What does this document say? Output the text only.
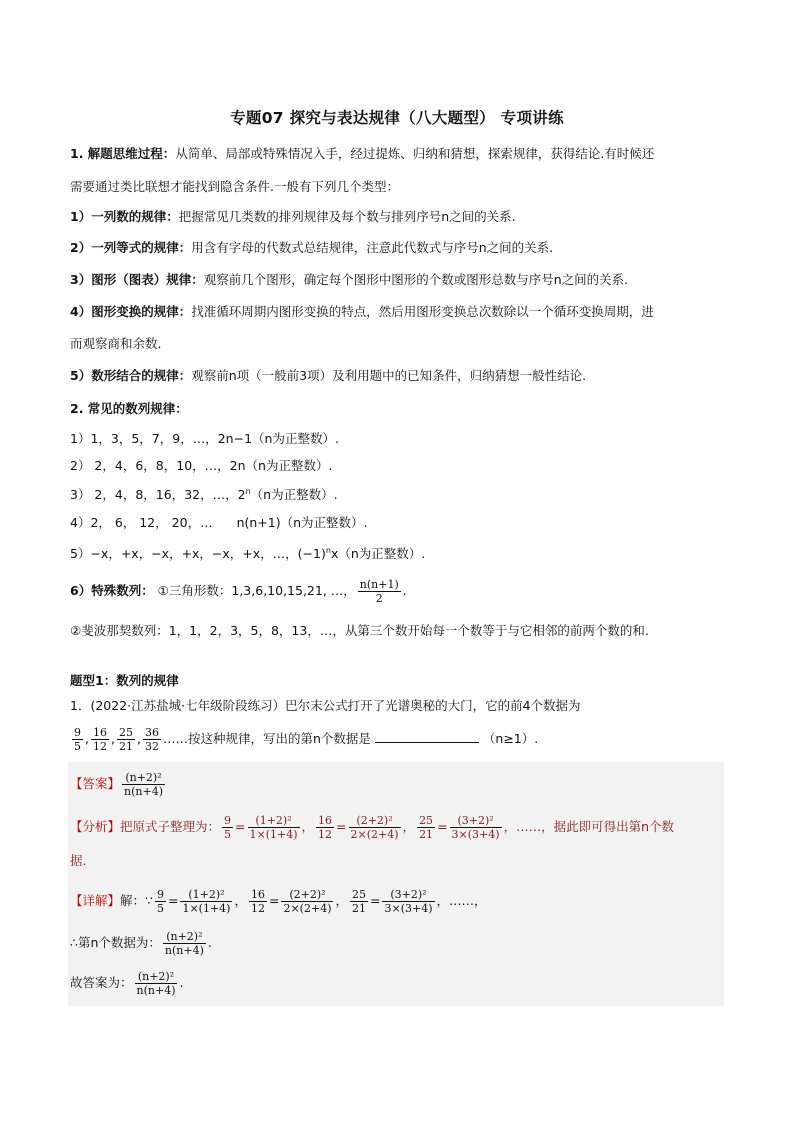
专题07 探究与表达规律（八大题型） 专项讲练
1. 解题思维过程：从简单、局部或特殊情况入手，经过提炼、归纳和猜想，探索规律，获得结论.有时候还
需要通过类比联想才能找到隐含条件.一般有下列几个类型：
1）一列数的规律：把握常见几类数的排列规律及每个数与排列序号n之间的关系.
2）一列等式的规律：用含有字母的代数式总结规律，注意此代数式与序号n之间的关系.
3）图形（图表）规律：观察前几个图形，确定每个图形中图形的个数或图形总数与序号n之间的关系.
4）图形变换的规律：找准循环周期内图形变换的特点，然后用图形变换总次数除以一个循环变换周期，进
而观察商和余数.
5）数形结合的规律：观察前n项（一般前3项）及利用题中的已知条件，归纳猜想一般性结论.
2. 常见的数列规律：
1）1，3，5，7，9，…，2n−1（n为正整数）.
2） 2，4，6，8，10，…，2n（n为正整数）.
3） 2，4，8，16，32，…，2$^n$（n为正整数）.
4）2， 6， 12， 20，… n(n+1)（n为正整数）.
5）−x，+x，−x，+x，−x，+x，…，$(-1)^nx(n$为正整数）.
6）特殊数列： ①三角形数：1,3,6,10,15,21, …， $\frac{n(n+1)}{2}$ .
②斐波那契数列：1，1，2，3，5，8，13，…，从第三个数开始每一个数等于与它相邻的前两个数的和.
题型1：数列的规律
1．(2022·江苏盐城·七年级阶段练习）巴尔末公式打开了光谱奥秘的大门，它的前4个数据为
$\frac{9}{5}$ , $\frac{16}{12}$ , $\frac{25}{21}$ , $\frac{36}{32}$ ……按这种规律，写出的第n个数据是	（n≥1）.
【答案】 $\frac{\text{(n+2)²}}{n(n+4)}$
【分析】把原式子整理为： $\frac{9}{5} = \frac{\text{(1+2)²}}{1\times(1+4)}$ ， $\frac{16}{12} = \frac{\text{(2+2)²}}{2\times(2+4)}$ ， $\frac{25}{21} = \frac{\text{(3+2)²}}{3\times(3+4)}$ ，……，据此即可得出第n个数
据.
【详解】解：∵ $\frac{9}{5} = \frac{\text{(1+2)²}}{1\times(1+4)}$ ， $\frac{16}{12} = \frac{\text{(2+2)²}}{2\times(2+4)}$ ， $\frac{25}{21} = \frac{\text{(3+2)²}}{3\times(3+4)}$ ，……，
∴第n个数据为： $\frac{\text{(n+2)²}}{n(n+4)}$ .
故答案为： $\frac{\text{(n+2)²}}{n(n+4)}$ .
